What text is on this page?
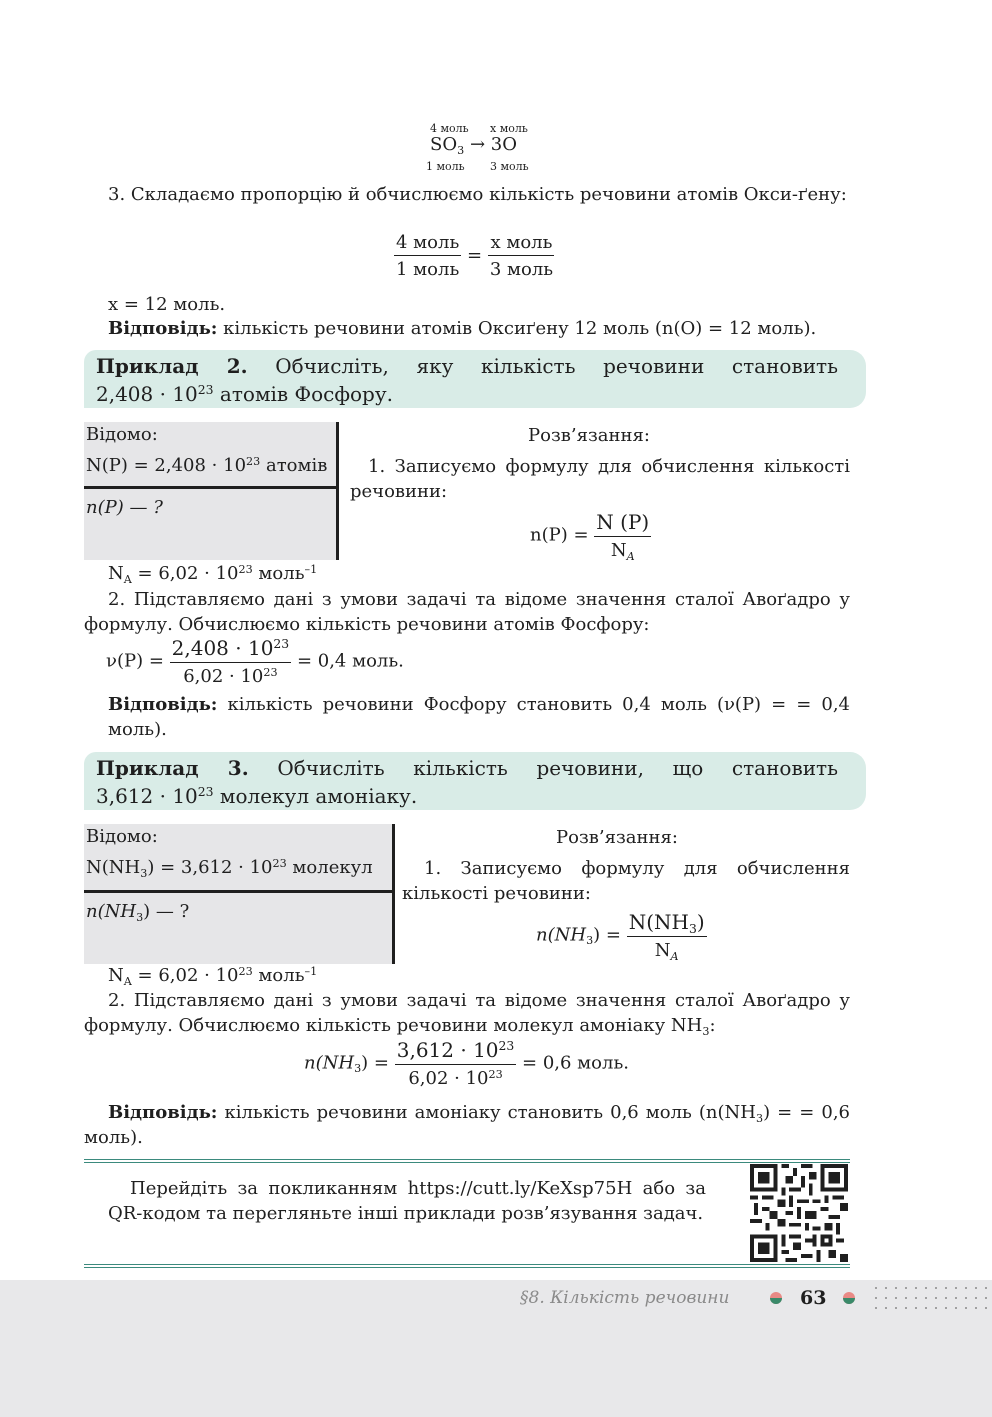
4 моль x моль
$SO_3 \to 3O$
1 моль 3 моль
3. Складаємо пропорцію й обчислюємо кількість речовини атомів Окси-ґену:
$\frac{\text{4 моль}}{\text{1 моль}} = \frac{\text{x моль}}{\text{3 моль}}$
x = 12 моль.
Відповідь: кількість речовини атомів Оксиґену 12 моль (n(O) = 12 моль).
Приклад 2. Обчисліть, яку кількість речовини становить
$2,408 \cdot 10^{23}$ атомів Фосфору.
Відомо:
$N(P) = 2,408 \cdot 10^{23}$ атомів
n(P) — ?
Розв’язання:
1. Записуємо формулу для обчислення кількості речовини:
$n(P) = \frac{N (P)}{N_A}$
$N_A = 6,02 \cdot 10^{23}$ моль$^{-1}$
2. Підставляємо дані з умови задачі та відоме значення сталої Авоґадро у формулу. Обчислюємо кількість речовини атомів Фосфору:
$\nu(P) = \frac{2,408 \cdot 10^{23}}{6,02 \cdot 10^{23}} = 0,4$ моль.
Відповідь: кількість речовини Фосфору становить 0,4 моль (ν(P) = = 0,4 моль).
Приклад 3. Обчисліть кількість речовини, що становить
$3,612 \cdot 10^{23}$ молекул амоніаку.
Відомо:
$N(NH_3) = 3,612 \cdot 10^{23}$ молекул
$n(NH_3)$ — ?
Розв’язання:
1. Записуємо формулу для обчислення кількості речовини:
$n(NH_3) = \frac{N(NH_3)}{N_A}$
$N_A = 6,02 \cdot 10^{23}$ моль$^{-1}$
2. Підставляємо дані з умови задачі та відоме значення сталої Авоґадро у формулу. Обчислюємо кількість речовини молекул амоніаку $NH_3$:
$n(NH_3) = \frac{3,612 \cdot 10^{23}}{6,02 \cdot 10^{23}} = 0,6$ моль.
Відповідь: кількість речовини амоніаку становить 0,6 моль ($n(NH_3)$ = = 0,6 моль).
Перейдіть за покликанням https://cutt.ly/KeXsp75H або за QR-кодом та перегляньте інші приклади розв’язування задач.
§8. Кількість речовини	63
